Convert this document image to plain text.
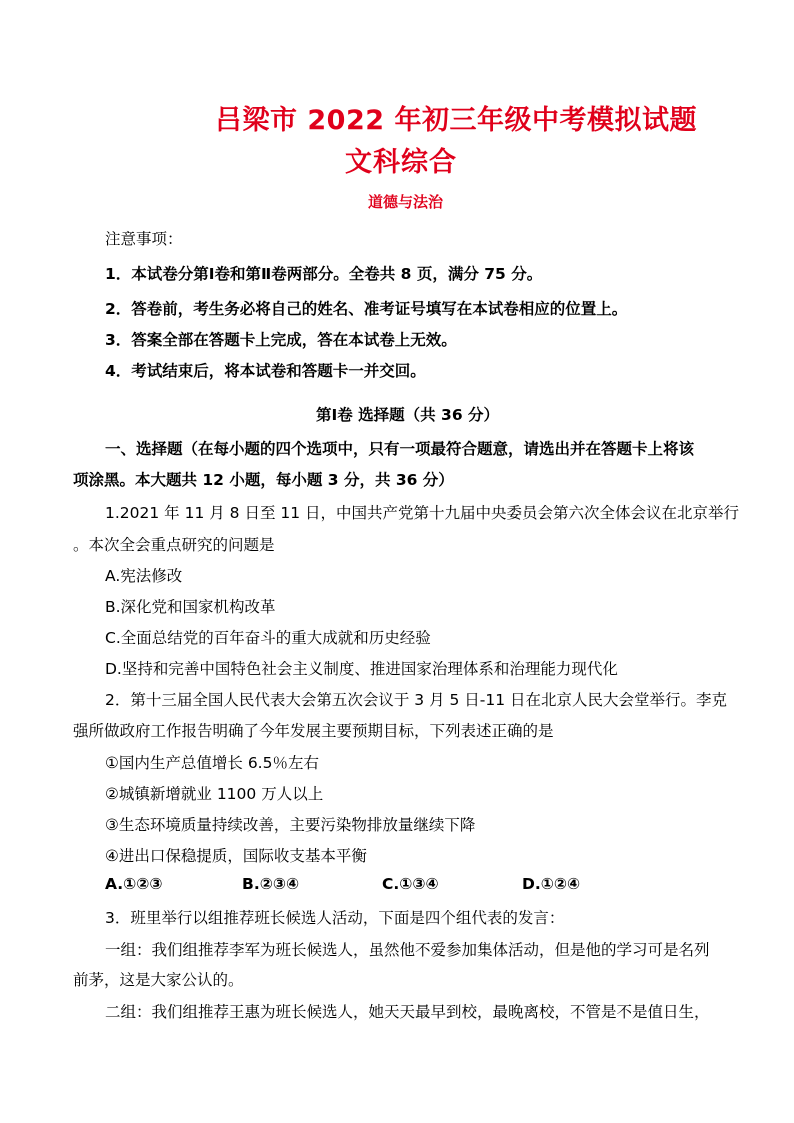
吕梁市 2022 年初三年级中考模拟试题
文科综合
道德与法治
注意事项：
1．本试卷分第Ⅰ卷和第Ⅱ卷两部分。全卷共 8 页，满分 75 分。
2．答卷前，考生务必将自己的姓名、准考证号填写在本试卷相应的位置上。
3．答案全部在答题卡上完成，答在本试卷上无效。
4．考试结束后，将本试卷和答题卡一并交回。
第Ⅰ卷 选择题（共 36 分）
一、选择题（在每小题的四个选项中，只有一项最符合题意，请选出并在答题卡上将该
项涂黑。本大题共 12 小题，每小题 3 分，共 36 分）
1.2021 年 11 月 8 日至 11 日，中国共产党第十九届中央委员会第六次全体会议在北京举行
。本次全会重点研究的问题是
A.宪法修改
B.深化党和国家机构改革
C.全面总结党的百年奋斗的重大成就和历史经验
D.坚持和完善中国特色社会主义制度、推进国家治理体系和治理能力现代化
2．第十三届全国人民代表大会第五次会议于 3 月 5 日-11 日在北京人民大会堂举行。李克
强所做政府工作报告明确了今年发展主要预期目标，下列表述正确的是
①国内生产总值增长 6.5％左右
②城镇新增就业 1100 万人以上
③生态环境质量持续改善，主要污染物排放量继续下降
④进出口保稳提质，国际收支基本平衡
A.①②③	B.②③④	C.①③④	D.①②④
3．班里举行以组推荐班长候选人活动，下面是四个组代表的发言：
一组：我们组推荐李军为班长候选人，虽然他不爱参加集体活动，但是他的学习可是名列
前茅，这是大家公认的。
二组：我们组推荐王惠为班长候选人，她天天最早到校，最晚离校，不管是不是值日生，
